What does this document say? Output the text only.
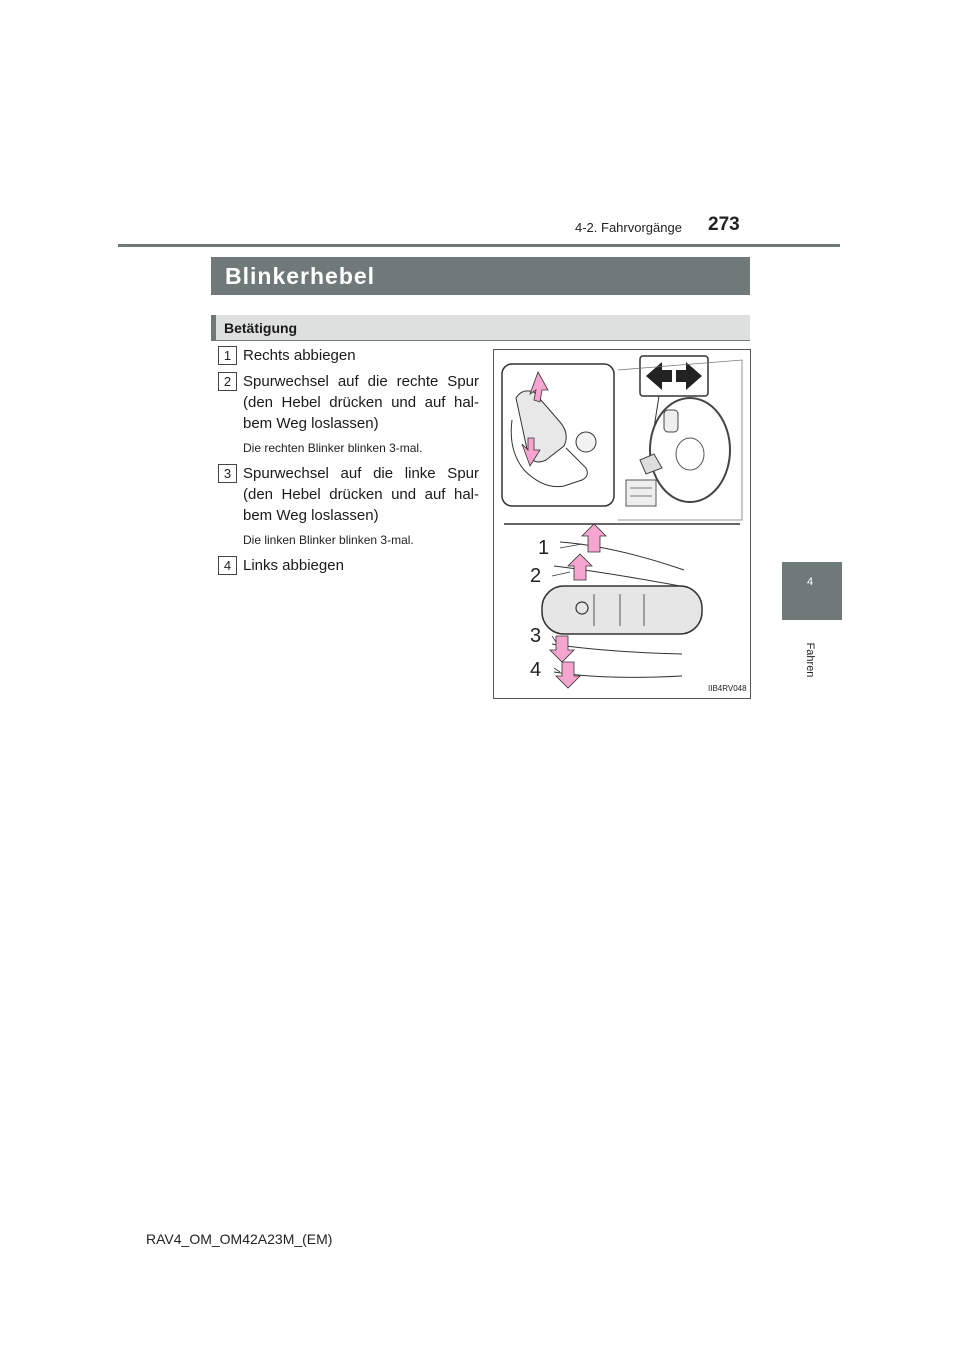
4-2. Fahrvorgänge 273
4
Fahren
Blinkerhebel
Betätigung
1 Rechts abbiegen
2 Spurwechsel auf die rechte Spur (den Hebel drücken und auf hal- bem Weg loslassen)
Die rechten Blinker blinken 3-mal.
3 Spurwechsel auf die linke Spur (den Hebel drücken und auf hal- bem Weg loslassen)
Die linken Blinker blinken 3-mal.
4 Links abbiegen
1
2
3
4
IIB4RV048
RAV4_OM_OM42A23M_(EM)
